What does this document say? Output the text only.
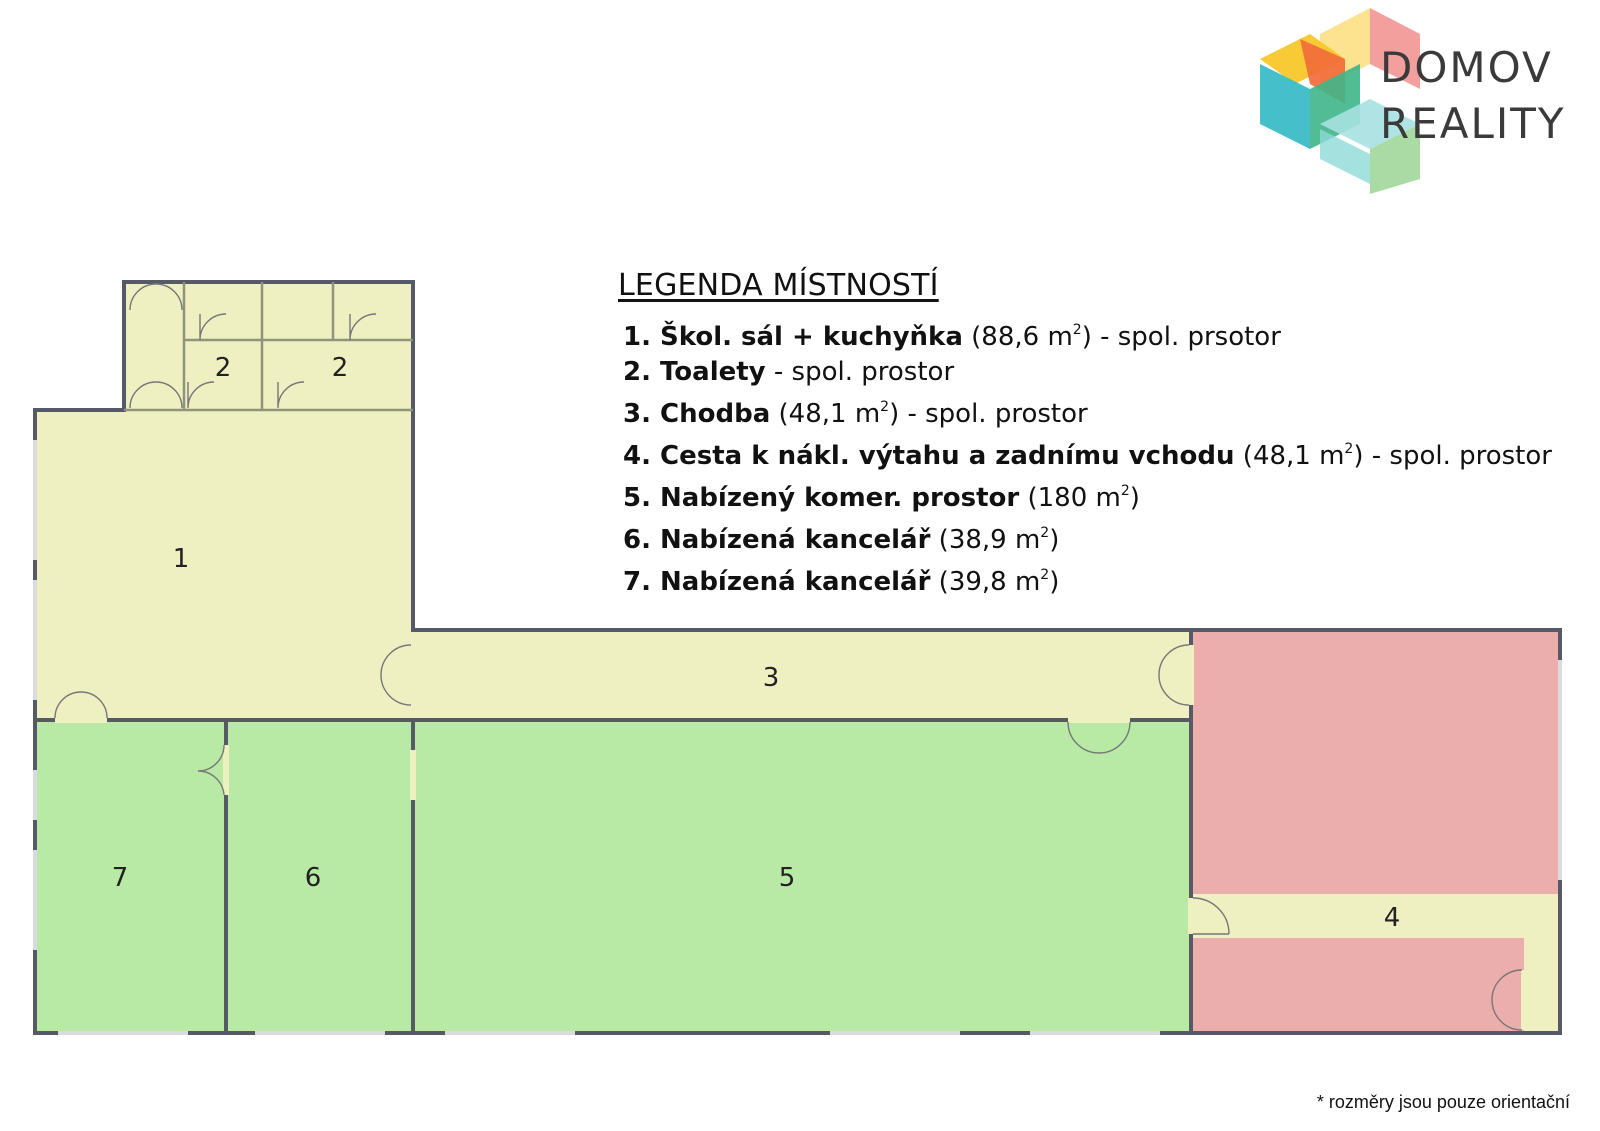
1
2	2
3
4
5
6
7
DOMOV
REALITY
LEGENDA MÍSTNOSTÍ
1. Škol. sál + kuchyňka (88,6 $m^2$) - spol. prsotor
2. Toalety - spol. prostor
3. Chodba (48,1 $m^2$) - spol. prostor
4. Cesta k nákl. výtahu a zadnímu vchodu (48,1 $m^2$) - spol. prostor
5. Nabízený komer. prostor (180 $m^2$)
6. Nabízená kancelář (38,9 $m^2$)
7. Nabízená kancelář (39,8 $m^2$)
* rozměry jsou pouze orientační
